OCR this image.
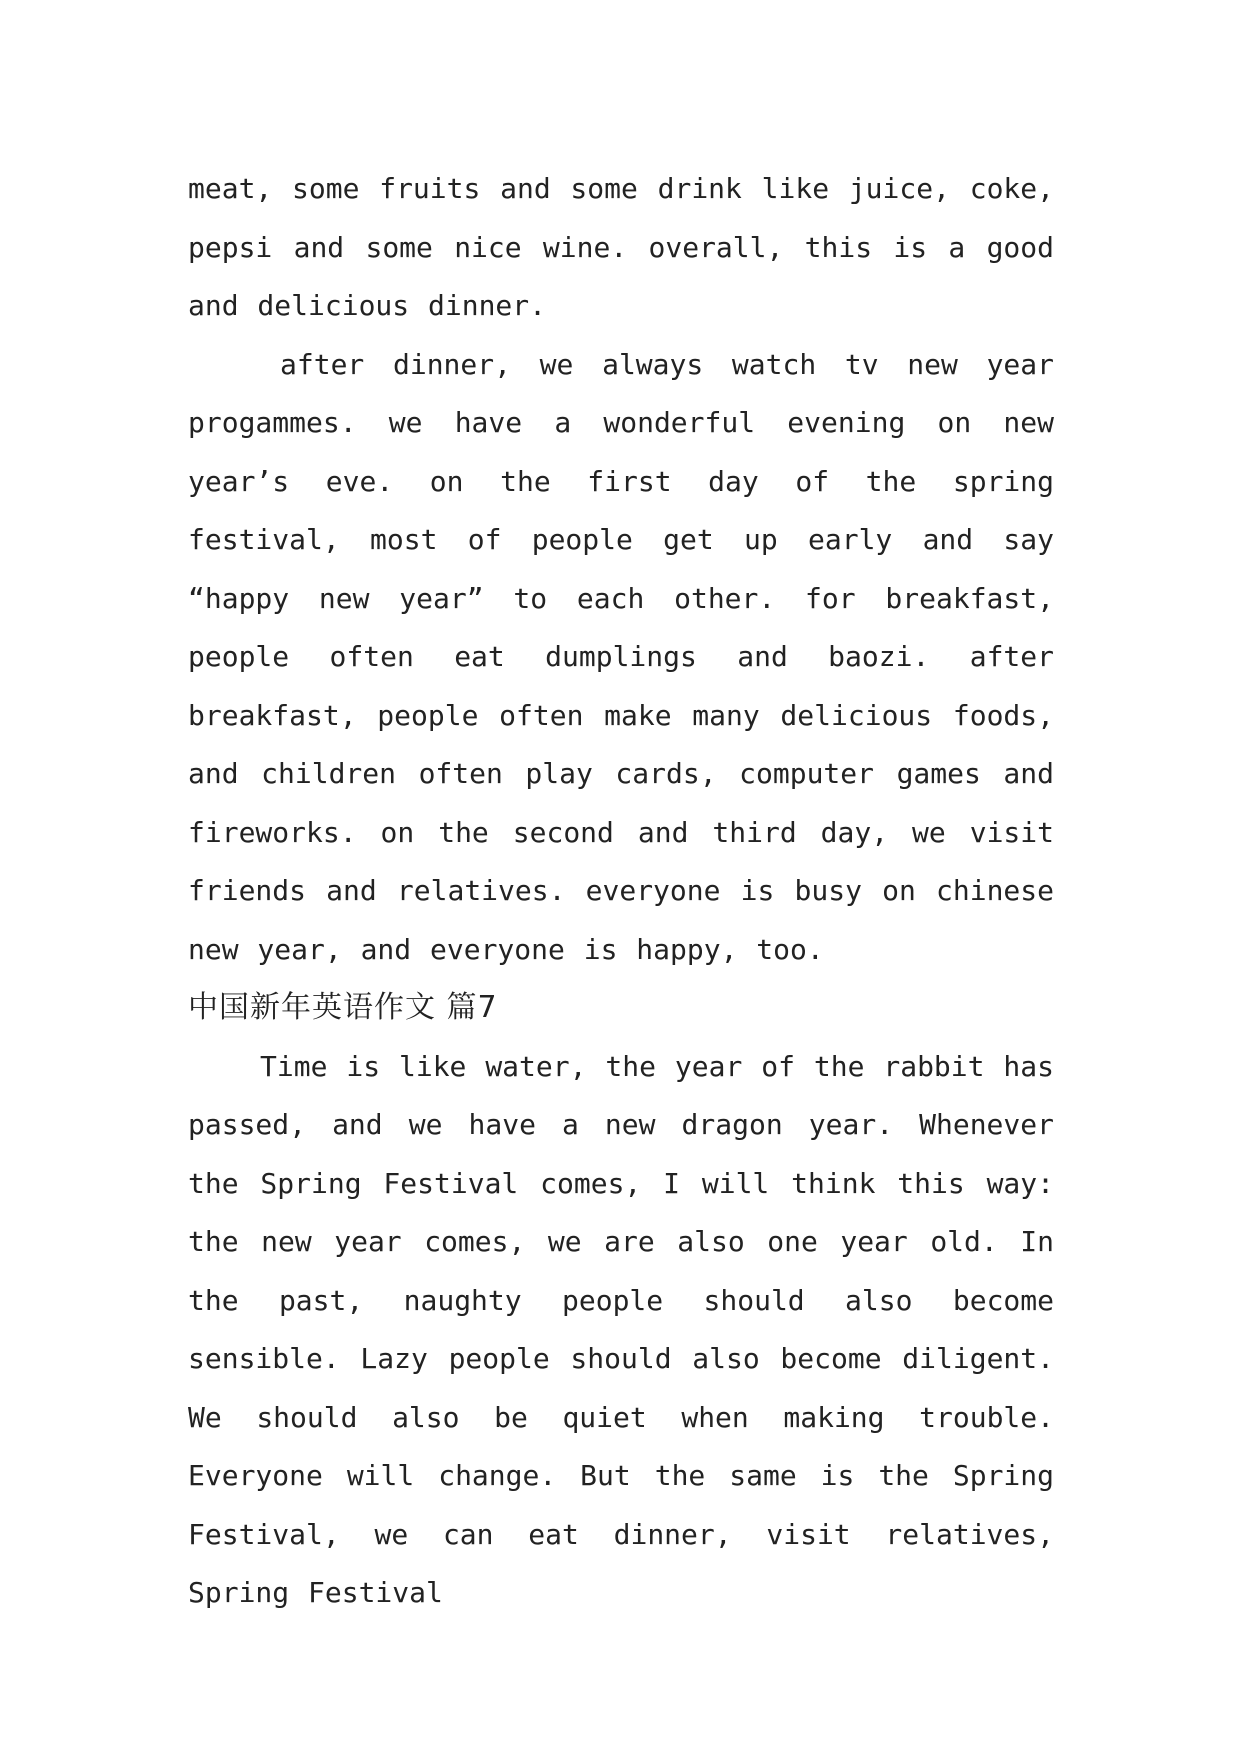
meat, some fruits and some drink like juice, coke, pepsi and some nice wine. overall, this is a good and delicious dinner.

after dinner, we always watch tv new year progammes. we have a wonderful evening on new year’s eve. on the first day of the spring festival, most of people get up early and say “happy new year” to each other. for breakfast, people often eat dumplings and baozi. after breakfast, people often make many delicious foods, and children often play cards, computer games and fireworks. on the second and third day, we visit friends and relatives. everyone is busy on chinese new year, and everyone is happy, too.

中国新年英语作文 篇7

Time is like water, the year of the rabbit has passed, and we have a new dragon year. Whenever the Spring Festival comes, I will think this way: the new year comes, we are also one year old. In the past, naughty people should also become sensible. Lazy people should also become diligent. We should also be quiet when making trouble. Everyone will change. But the same is the Spring Festival, we can eat dinner, visit relatives, Spring Festival
